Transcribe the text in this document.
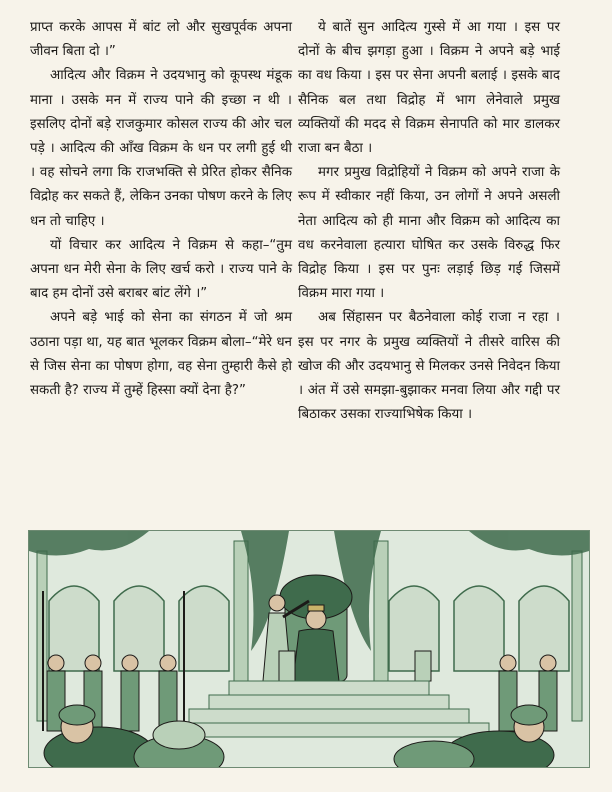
प्राप्त करके आपस में बांट लो और सुखपूर्वक अपना जीवन बिता दो ।”

आदित्य और विक्रम ने उदयभानु को कूपस्थ मंडूक माना । उसके मन में राज्य पाने की इच्छा न थी । इसलिए दोनों बड़े राजकुमार कोसल राज्य की ओर चल पड़े । आदित्य की आँख विक्रम के धन पर लगी हुई थी । वह सोचने लगा कि राजभक्ति से प्रेरित होकर सैनिक विद्रोह कर सकते हैं, लेकिन उनका पोषण करने के लिए धन तो चाहिए ।

यों विचार कर आदित्य ने विक्रम से कहा–“तुम अपना धन मेरी सेना के लिए खर्च करो । राज्य पाने के बाद हम दोनों उसे बराबर बांट लेंगे ।”

अपने बड़े भाई को सेना का संगठन में जो श्रम उठाना पड़ा था, यह बात भूलकर विक्रम बोला–“मेरे धन से जिस सेना का पोषण होगा, वह सेना तुम्हारी कैसे हो सकती है? राज्य में तुम्हें हिस्सा क्यों देना है?”

ये बातें सुन आदित्य गुस्से में आ गया । इस पर दोनों के बीच झगड़ा हुआ । विक्रम ने अपने बड़े भाई का वध किया । इस पर सेना अपनी बलाई । इसके बाद सैनिक बल तथा विद्रोह में भाग लेनेवाले प्रमुख व्यक्तियों की मदद से विक्रम सेनापति को मार डालकर राजा बन बैठा ।

मगर प्रमुख विद्रोहियों ने विक्रम को अपने राजा के रूप में स्वीकार नहीं किया, उन लोगों ने अपने असली नेता आदित्य को ही माना और विक्रम को आदित्य का वध करनेवाला हत्यारा घोषित कर उसके विरुद्ध फिर विद्रोह किया । इस पर पुनः लड़ाई छिड़ गई जिसमें विक्रम मारा गया ।

अब सिंहासन पर बैठनेवाला कोई राजा न रहा । इस पर नगर के प्रमुख व्यक्तियों ने तीसरे वारिस की खोज की और उदयभानु से मिलकर उनसे निवेदन किया । अंत में उसे समझा-बुझाकर मनवा लिया और गद्दी पर बिठाकर उसका राज्याभिषेक किया ।
